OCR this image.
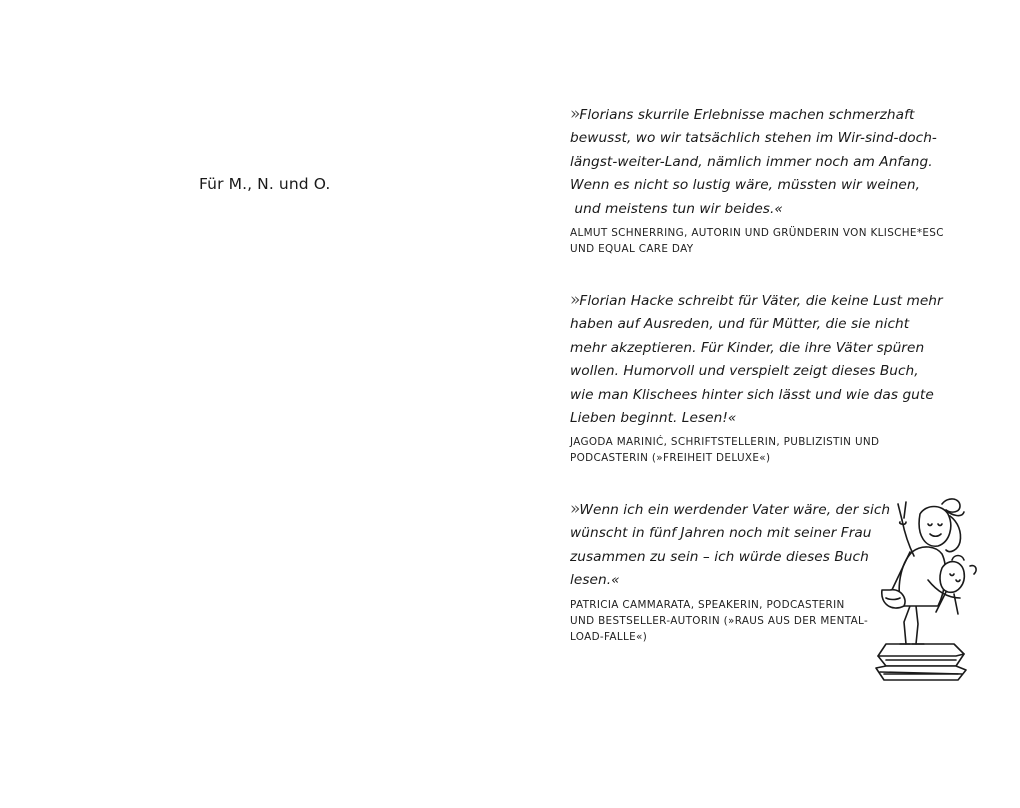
Für M., N. und O.

»Florians skurrile Erlebnisse machen schmerzhaft
bewusst, wo wir tatsächlich stehen im Wir-sind-doch-
längst-weiter-Land, nämlich immer noch am Anfang.
Wenn es nicht so lustig wäre, müssten wir weinen,
und meistens tun wir beides.«

ALMUT SCHNERRING, AUTORIN UND GRÜNDERIN VON KLISCHE*ESC
UND EQUAL CARE DAY

»Florian Hacke schreibt für Väter, die keine Lust mehr
haben auf Ausreden, und für Mütter, die sie nicht
mehr akzeptieren. Für Kinder, die ihre Väter spüren
wollen. Humorvoll und verspielt zeigt dieses Buch,
wie man Klischees hinter sich lässt und wie das gute
Lieben beginnt. Lesen!«

JAGODA MARINIĆ, SCHRIFTSTELLERIN, PUBLIZISTIN UND
PODCASTERIN (»FREIHEIT DELUXE«)

»Wenn ich ein werdender Vater wäre, der sich
wünscht in fünf Jahren noch mit seiner Frau
zusammen zu sein – ich würde dieses Buch
lesen.«

PATRICIA CAMMARATA, SPEAKERIN, PODCASTERIN
UND BESTSELLER-AUTORIN (»RAUS AUS DER MENTAL-
LOAD-FALLE«)
